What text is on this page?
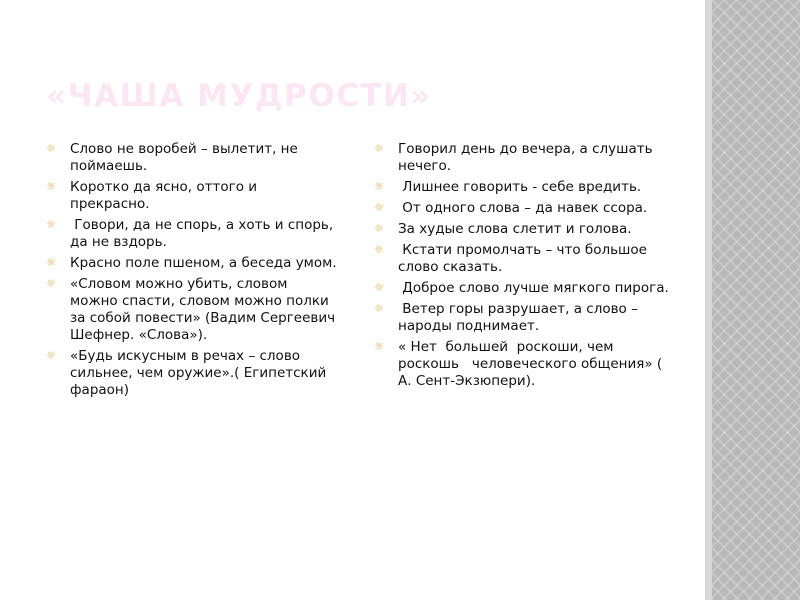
«ЧАША МУДРОСТИ»
☼ Слово не воробей – вылетит, не поймаешь.
☼ Коротко да ясно, оттого и прекрасно.
☼ Говори, да не спорь, а хоть и спорь, да не вздорь.
☼ Красно поле пшеном, а беседа умом.
☼ «Словом можно убить, словом можно спасти, словом можно полки за собой повести» (Вадим Сергеевич Шефнер. «Слова»).
☼ «Будь искусным в речах – слово сильнее, чем оружие».( Египетский  фараон)
☼ Говорил день до вечера, а слушать нечего.
☼ Лишнее говорить - себе вредить.
☼ От одного слова – да навек ссора.
☼ За худые слова слетит и голова.
☼ Кстати промолчать – что большое слово сказать.
☼ Доброе слово лучше мягкого пирога.
☼ Ветер горы разрушает, а слово – народы поднимает.
☼ « Нет  большей  роскоши, чем роскошь   человеческого общения» ( А. Сент-Экзюпери).
